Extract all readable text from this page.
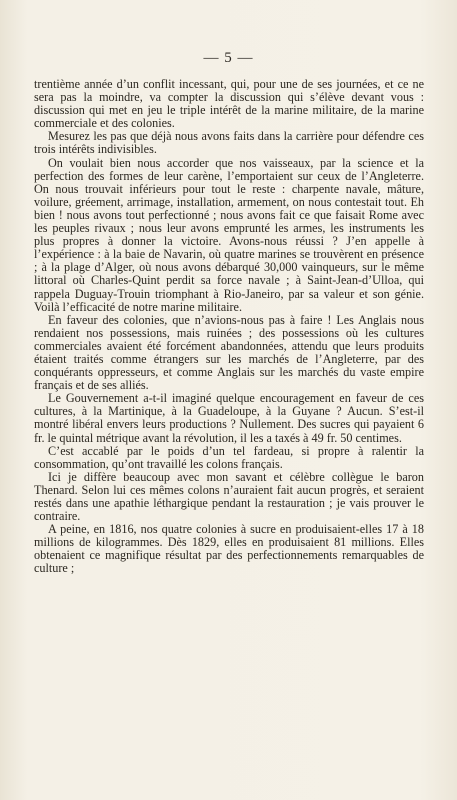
— 5 —

trentième année d’un conflit incessant, qui, pour une de ses journées, et ce ne sera pas la moindre, va compter la discussion qui s’élève devant vous : discussion qui met en jeu le triple intérêt de la marine militaire, de la marine commerciale et des colonies.

Mesurez les pas que déjà nous avons faits dans la carrière pour défendre ces trois intérêts indivisibles.

On voulait bien nous accorder que nos vaisseaux, par la science et la perfection des formes de leur carène, l’emportaient sur ceux de l’Angleterre. On nous trouvait inférieurs pour tout le reste : charpente navale, mâture, voilure, gréement, arrimage, installation, armement, on nous contestait tout. Eh bien ! nous avons tout perfectionné ; nous avons fait ce que faisait Rome avec les peuples rivaux ; nous leur avons emprunté les armes, les instruments les plus propres à donner la victoire. Avons-nous réussi ? J’en appelle à l’expérience : à la baie de Navarin, où quatre marines se trouvèrent en présence ; à la plage d’Alger, où nous avons débarqué 30,000 vainqueurs, sur le même littoral où Charles-Quint perdit sa force navale ; à Saint-Jean-d’Ulloa, qui rappela Duguay-Trouin triomphant à Rio-Janeiro, par sa valeur et son génie. Voilà l’efficacité de notre marine militaire.

En faveur des colonies, que n’avions-nous pas à faire ! Les Anglais nous rendaient nos possessions, mais ruinées ; des possessions où les cultures commerciales avaient été forcément abandonnées, attendu que leurs produits étaient traités comme étrangers sur les marchés de l’Angleterre, par des conquérants oppresseurs, et comme Anglais sur les marchés du vaste empire français et de ses alliés.

Le Gouvernement a-t-il imaginé quelque encouragement en faveur de ces cultures, à la Martinique, à la Guadeloupe, à la Guyane ? Aucun. S’est-il montré libéral envers leurs productions ? Nullement. Des sucres qui payaient 6 fr. le quintal métrique avant la révolution, il les a taxés à 49 fr. 50 centimes.

C’est accablé par le poids d’un tel fardeau, si propre à ralentir la consommation, qu’ont travaillé les colons français.

Ici je diffère beaucoup avec mon savant et célèbre collègue le baron Thenard. Selon lui ces mêmes colons n’auraient fait aucun progrès, et seraient restés dans une apathie léthargique pendant la restauration ; je vais prouver le contraire.

A peine, en 1816, nos quatre colonies à sucre en produisaient-elles 17 à 18 millions de kilogrammes. Dès 1829, elles en produisaient 81 millions. Elles obtenaient ce magnifique résultat par des perfectionnements remarquables de culture ;
